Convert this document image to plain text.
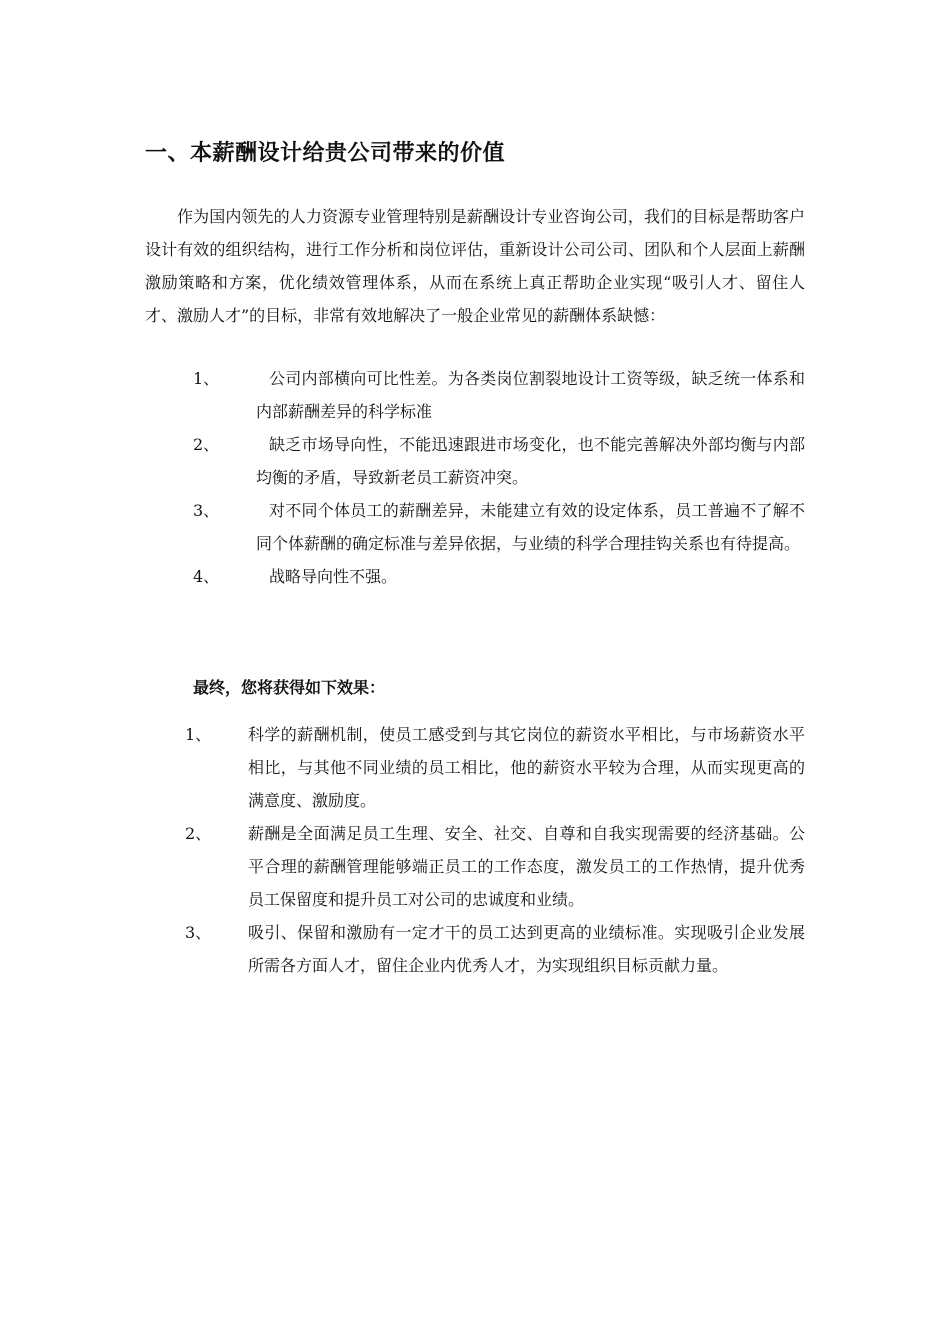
一、本薪酬设计给贵公司带来的价值

作为国内领先的人力资源专业管理特别是薪酬设计专业咨询公司，我们的目标是帮助客户设计有效的组织结构，进行工作分析和岗位评估，重新设计公司公司、团队和个人层面上薪酬激励策略和方案，优化绩效管理体系，从而在系统上真正帮助企业实现“吸引人才、留住人才、激励人才”的目标，非常有效地解决了一般企业常见的薪酬体系缺憾：

1、	公司内部横向可比性差。为各类岗位割裂地设计工资等级，缺乏统一体系和内部薪酬差异的科学标准
2、	缺乏市场导向性，不能迅速跟进市场变化，也不能完善解决外部均衡与内部均衡的矛盾，导致新老员工薪资冲突。
3、	对不同个体员工的薪酬差异，未能建立有效的设定体系，员工普遍不了解不同个体薪酬的确定标准与差异依据，与业绩的科学合理挂钩关系也有待提高。
4、	战略导向性不强。

最终，您将获得如下效果：

1、 科学的薪酬机制，使员工感受到与其它岗位的薪资水平相比，与市场薪资水平相比，与其他不同业绩的员工相比，他的薪资水平较为合理，从而实现更高的满意度、激励度。
2、 薪酬是全面满足员工生理、安全、社交、自尊和自我实现需要的经济基础。公平合理的薪酬管理能够端正员工的工作态度，激发员工的工作热情，提升优秀员工保留度和提升员工对公司的忠诚度和业绩。
3、 吸引、保留和激励有一定才干的员工达到更高的业绩标准。实现吸引企业发展所需各方面人才，留住企业内优秀人才，为实现组织目标贡献力量。
